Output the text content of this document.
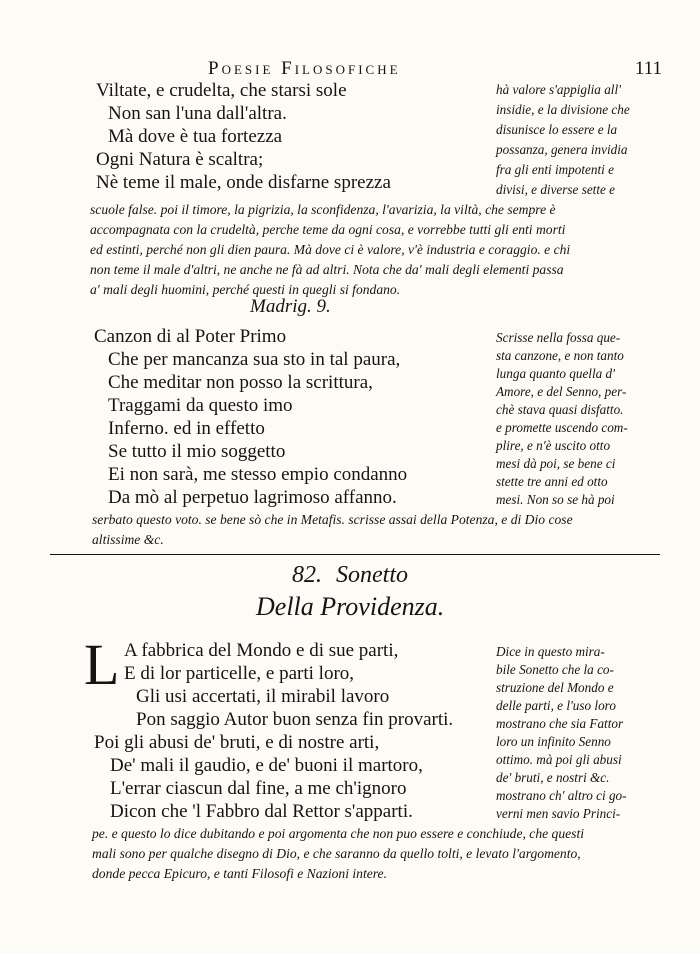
Poesie Filosofiche	111
Viltate, e crudelta, che starsi sole
Non san l'una dall'altra.
Mà dove è tua fortezza
Ogni Natura è scaltra;
Nè teme il male, onde disfarne sprezza
hà valore s'appiglia all'
insidie, e la divisione che
disunisce lo essere e la
possanza, genera invidia
fra gli enti impotenti e
divisi, e diverse sette e
scuole false. poi il timore, la pigrizia, la sconfidenza, l'avarizia, la viltà, che sempre è
accompagnata con la crudeltà, perche teme da ogni cosa, e vorrebbe tutti gli enti morti
ed estinti, perché non gli dien paura. Mà dove ci è valore, v'è industria e coraggio. e chi
non teme il male d'altri, ne anche ne fà ad altri. Nota che da' mali degli elementi passa
a' mali degli huomini, perché questi in quegli si fondano.
Madrig. 9.
Canzon di al Poter Primo
Che per mancanza sua sto in tal paura,
Che meditar non posso la scrittura,
Traggami da questo imo
Inferno. ed in effetto
Se tutto il mio soggetto
Ei non sarà, me stesso empio condanno
Da mò al perpetuo lagrimoso affanno.
Scrisse nella fossa que-
sta canzone, e non tanto
lunga quanto quella d'
Amore, e del Senno, per-
chè stava quasi disfatto.
e promette uscendo com-
plire, e n'è uscito otto
mesi dà poi, se bene ci
stette tre anni ed otto
mesi. Non so se hà poi
serbato questo voto. se bene sò che in Metafis. scrisse assai della Potenza, e di Dio cose
altissime &c.
82. Sonetto
Della Providenza.
L A fabbrica del Mondo e di sue parti,
E di lor particelle, e parti loro,
Gli usi accertati, il mirabil lavoro
Pon saggio Autor buon senza fin provarti.
Poi gli abusi de' bruti, e di nostre arti,
De' mali il gaudio, e de' buoni il martoro,
L'errar ciascun dal fine, a me ch'ignoro
Dicon che 'l Fabbro dal Rettor s'apparti.
Dice in questo mira-
bile Sonetto che la co-
struzione del Mondo e
delle parti, e l'uso loro
mostrano che sia Fattor
loro un infinito Senno
ottimo. mà poi gli abusi
de' bruti, e nostri &c.
mostrano ch' altro ci go-
verni men savio Princi-
pe. e questo lo dice dubitando e poi argomenta che non puo essere e conchiude, che questi
mali sono per qualche disegno di Dio, e che saranno da quello tolti, e levato l'argomento,
donde pecca Epicuro, e tanti Filosofi e Nazioni intere.
